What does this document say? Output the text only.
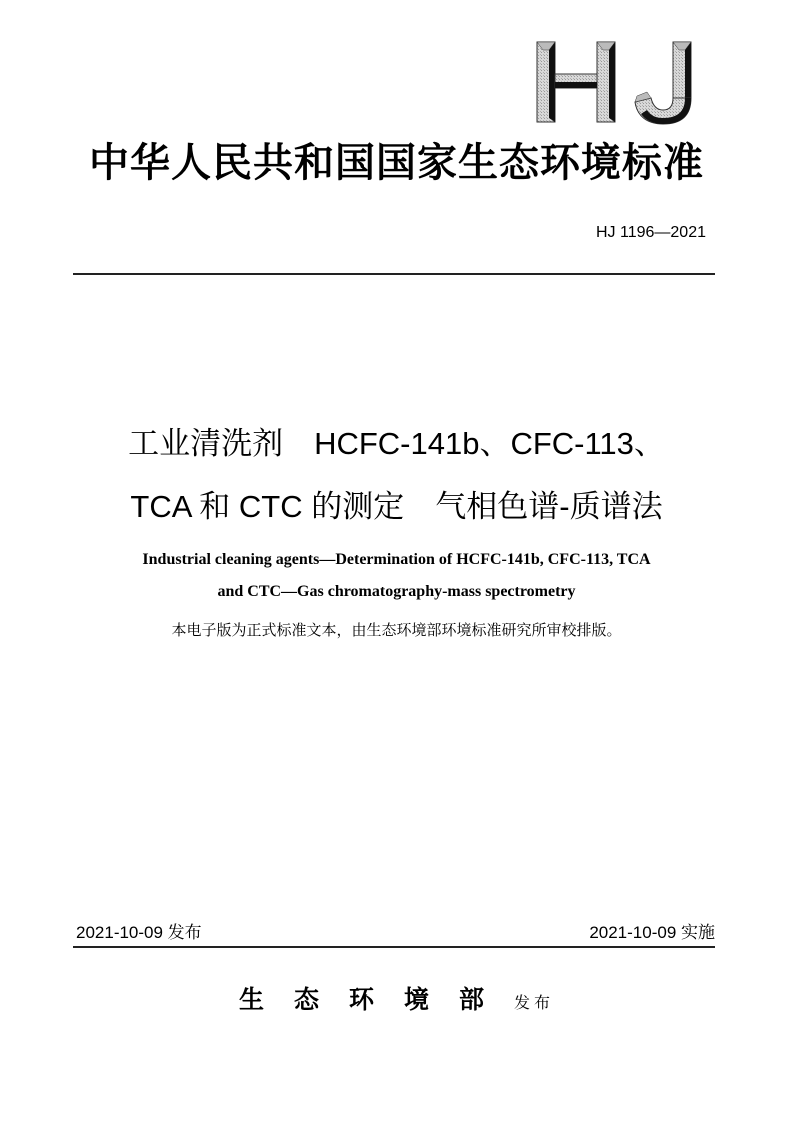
中华人民共和国国家生态环境标准
HJ 1196—2021
工业清洗剂　HCFC-141b、CFC-113、
TCA 和 CTC 的测定　气相色谱-质谱法
Industrial cleaning agents—Determination of HCFC-141b, CFC-113, TCA
and CTC—Gas chromatography-mass spectrometry
本电子版为正式标准文本，由生态环境部环境标准研究所审校排版。
2021-10-09 发布	2021-10-09 实施
生态环境部发布
